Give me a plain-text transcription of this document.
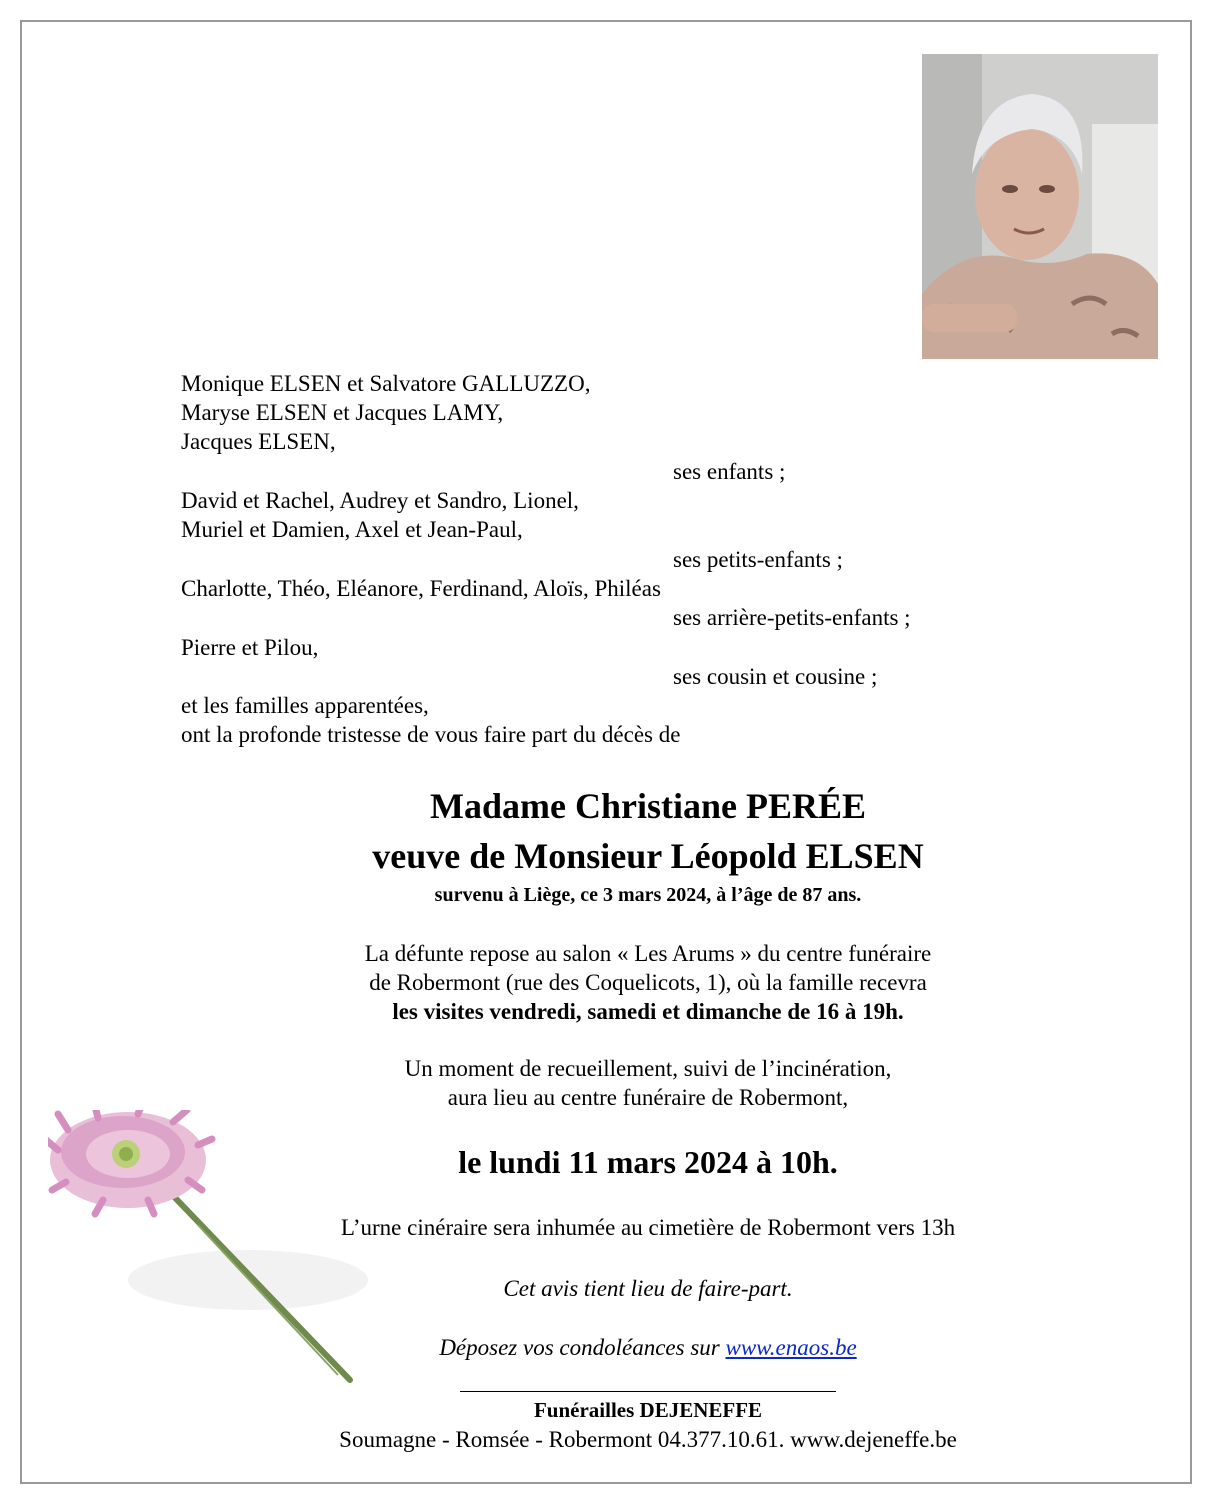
Monique ELSEN et Salvatore GALLUZZO,
Maryse ELSEN et Jacques LAMY,
Jacques ELSEN,
ses enfants ;
David et Rachel, Audrey et Sandro, Lionel,
Muriel et Damien, Axel et Jean-Paul,
ses petits-enfants ;
Charlotte, Théo, Eléanore, Ferdinand, Aloïs, Philéas
ses arrière-petits-enfants ;
Pierre et Pilou,
ses cousin et cousine ;
et les familles apparentées,
ont la profonde tristesse de vous faire part du décès de
Madame Christiane PERÉE
veuve de Monsieur Léopold ELSEN
survenu à Liège, ce 3 mars 2024, à l’âge de 87 ans.
La défunte repose au salon « Les Arums » du centre funéraire
de Robermont (rue des Coquelicots, 1), où la famille recevra
les visites vendredi, samedi et dimanche de 16 à 19h.
Un moment de recueillement, suivi de l’incinération,
aura lieu au centre funéraire de Robermont,
le lundi 11 mars 2024 à 10h.
L’urne cinéraire sera inhumée au cimetière de Robermont vers 13h
Cet avis tient lieu de faire-part.
Déposez vos condoléances sur www.enaos.be
Funérailles DEJENEFFE
Soumagne - Romsée - Robermont 04.377.10.61. www.dejeneffe.be
